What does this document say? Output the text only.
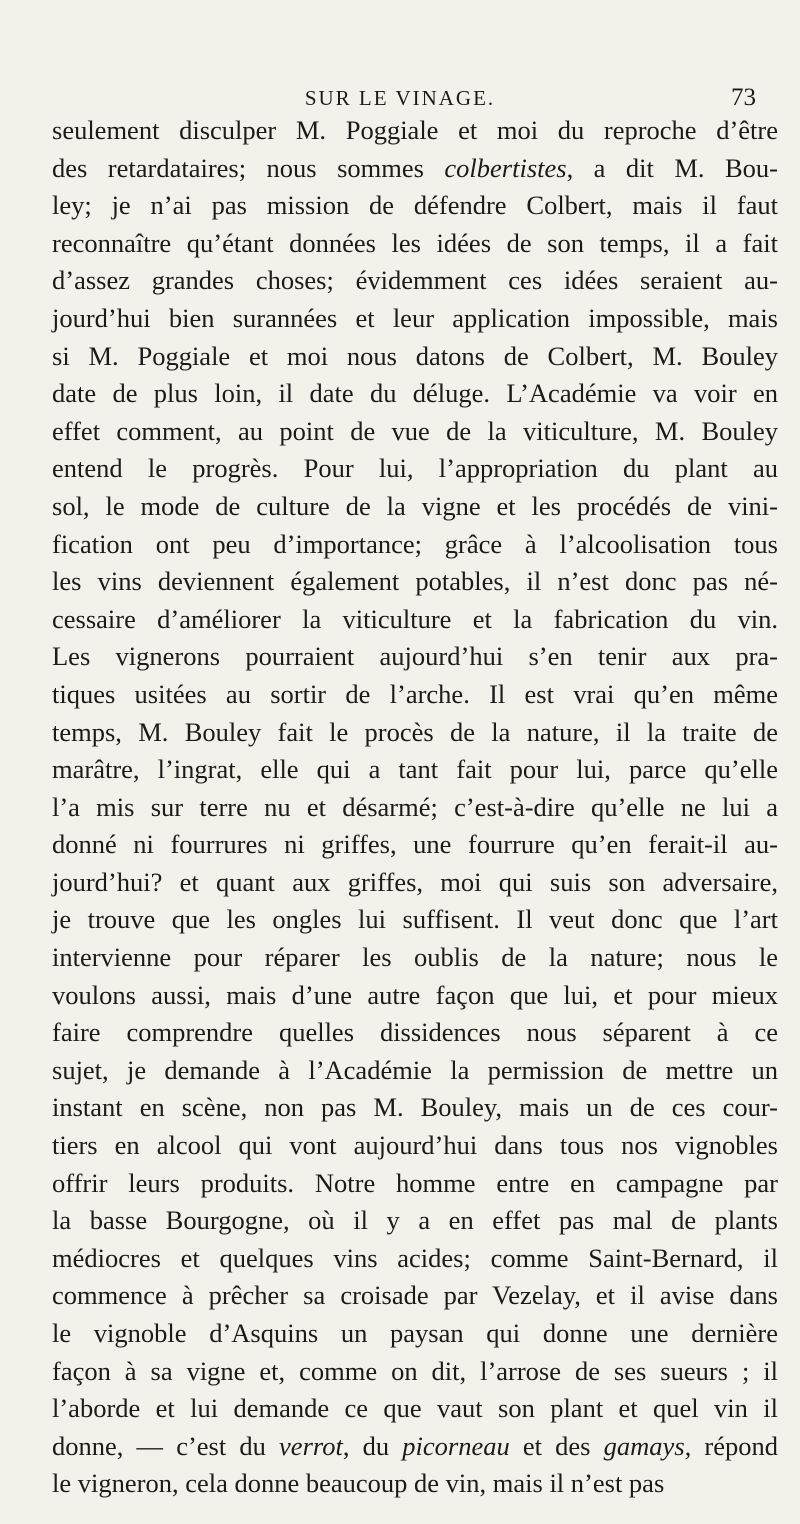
SUR LE VINAGE.	73
seulement disculper M. Poggiale et moi du reproche d’être
des retardataires; nous sommes colbertistes, a dit M. Bou-
ley; je n’ai pas mission de défendre Colbert, mais il faut
reconnaître qu’étant données les idées de son temps, il a fait
d’assez grandes choses; évidemment ces idées seraient au-
jourd’hui bien surannées et leur application impossible, mais
si M. Poggiale et moi nous datons de Colbert, M. Bouley
date de plus loin, il date du déluge. L’Académie va voir en
effet comment, au point de vue de la viticulture, M. Bouley
entend le progrès. Pour lui, l’appropriation du plant au
sol, le mode de culture de la vigne et les procédés de vini-
fication ont peu d’importance; grâce à l’alcoolisation tous
les vins deviennent également potables, il n’est donc pas né-
cessaire d’améliorer la viticulture et la fabrication du vin.
Les vignerons pourraient aujourd’hui s’en tenir aux pra-
tiques usitées au sortir de l’arche. Il est vrai qu’en même
temps, M. Bouley fait le procès de la nature, il la traite de
marâtre, l’ingrat, elle qui a tant fait pour lui, parce qu’elle
l’a mis sur terre nu et désarmé; c’est-à-dire qu’elle ne lui a
donné ni fourrures ni griffes, une fourrure qu’en ferait-il au-
jourd’hui? et quant aux griffes, moi qui suis son adversaire,
je trouve que les ongles lui suffisent. Il veut donc que l’art
intervienne pour réparer les oublis de la nature; nous le
voulons aussi, mais d’une autre façon que lui, et pour mieux
faire comprendre quelles dissidences nous séparent à ce
sujet, je demande à l’Académie la permission de mettre un
instant en scène, non pas M. Bouley, mais un de ces cour-
tiers en alcool qui vont aujourd’hui dans tous nos vignobles
offrir leurs produits. Notre homme entre en campagne par
la basse Bourgogne, où il y a en effet pas mal de plants
médiocres et quelques vins acides; comme Saint-Bernard, il
commence à prêcher sa croisade par Vezelay, et il avise dans
le vignoble d’Asquins un paysan qui donne une dernière
façon à sa vigne et, comme on dit, l’arrose de ses sueurs ; il
l’aborde et lui demande ce que vaut son plant et quel vin il
donne, — c’est du verrot, du picorneau et des gamays, répond
le vigneron, cela donne beaucoup de vin, mais il n’est pas
